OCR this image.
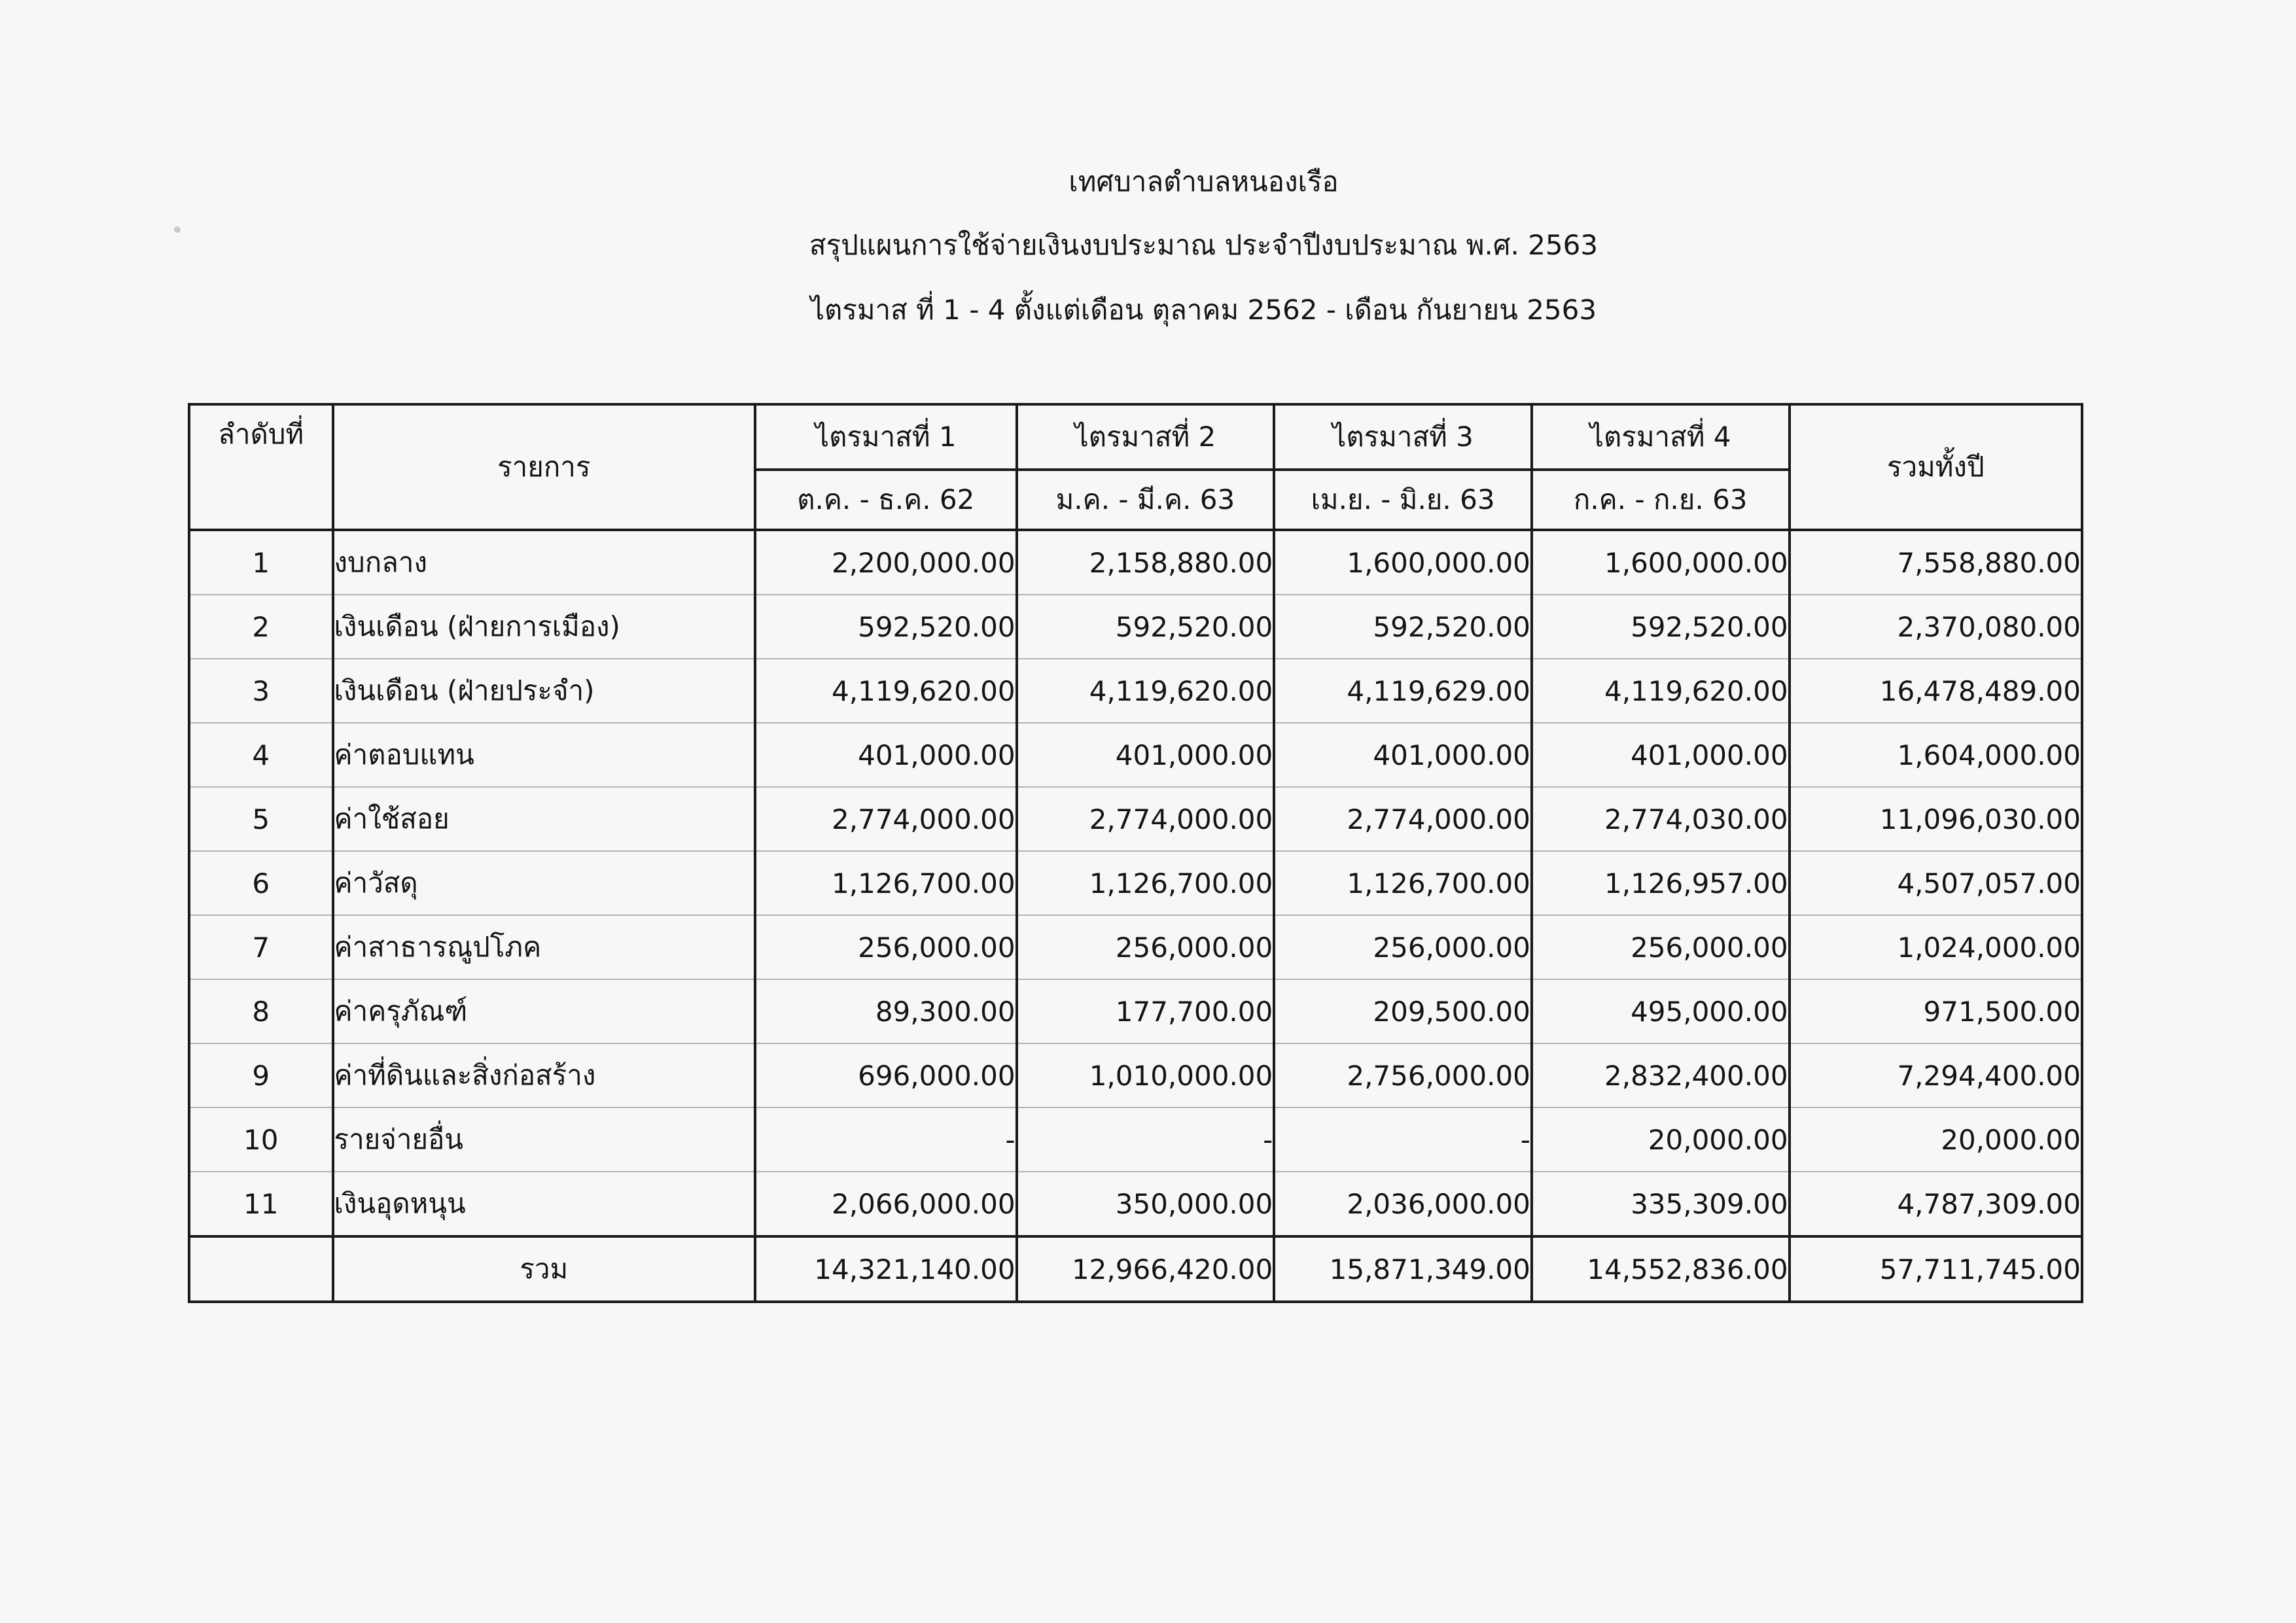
เทศบาลตำบลหนองเรือ
สรุปแผนการใช้จ่ายเงินงบประมาณ ประจำปีงบประมาณ พ.ศ. 2563
ไตรมาส ที่ 1 - 4 ตั้งแต่เดือน ตุลาคม 2562 - เดือน กันยายน 2563
ลำดับที่	รายการ	ไตรมาสที่ 1	ไตรมาสที่ 2	ไตรมาสที่ 3	ไตรมาสที่ 4	รวมทั้งปี
		ต.ค. - ธ.ค. 62	ม.ค. - มี.ค. 63	เม.ย. - มิ.ย. 63	ก.ค. - ก.ย. 63	
1	งบกลาง	2,200,000.00	2,158,880.00	1,600,000.00	1,600,000.00	7,558,880.00
2	เงินเดือน (ฝ่ายการเมือง)	592,520.00	592,520.00	592,520.00	592,520.00	2,370,080.00
3	เงินเดือน (ฝ่ายประจำ)	4,119,620.00	4,119,620.00	4,119,629.00	4,119,620.00	16,478,489.00
4	ค่าตอบแทน	401,000.00	401,000.00	401,000.00	401,000.00	1,604,000.00
5	ค่าใช้สอย	2,774,000.00	2,774,000.00	2,774,000.00	2,774,030.00	11,096,030.00
6	ค่าวัสดุ	1,126,700.00	1,126,700.00	1,126,700.00	1,126,957.00	4,507,057.00
7	ค่าสาธารณูปโภค	256,000.00	256,000.00	256,000.00	256,000.00	1,024,000.00
8	ค่าครุภัณฑ์	89,300.00	177,700.00	209,500.00	495,000.00	971,500.00
9	ค่าที่ดินและสิ่งก่อสร้าง	696,000.00	1,010,000.00	2,756,000.00	2,832,400.00	7,294,400.00
10	รายจ่ายอื่น	-	-	-	20,000.00	20,000.00
11	เงินอุดหนุน	2,066,000.00	350,000.00	2,036,000.00	335,309.00	4,787,309.00
	รวม	14,321,140.00	12,966,420.00	15,871,349.00	14,552,836.00	57,711,745.00
